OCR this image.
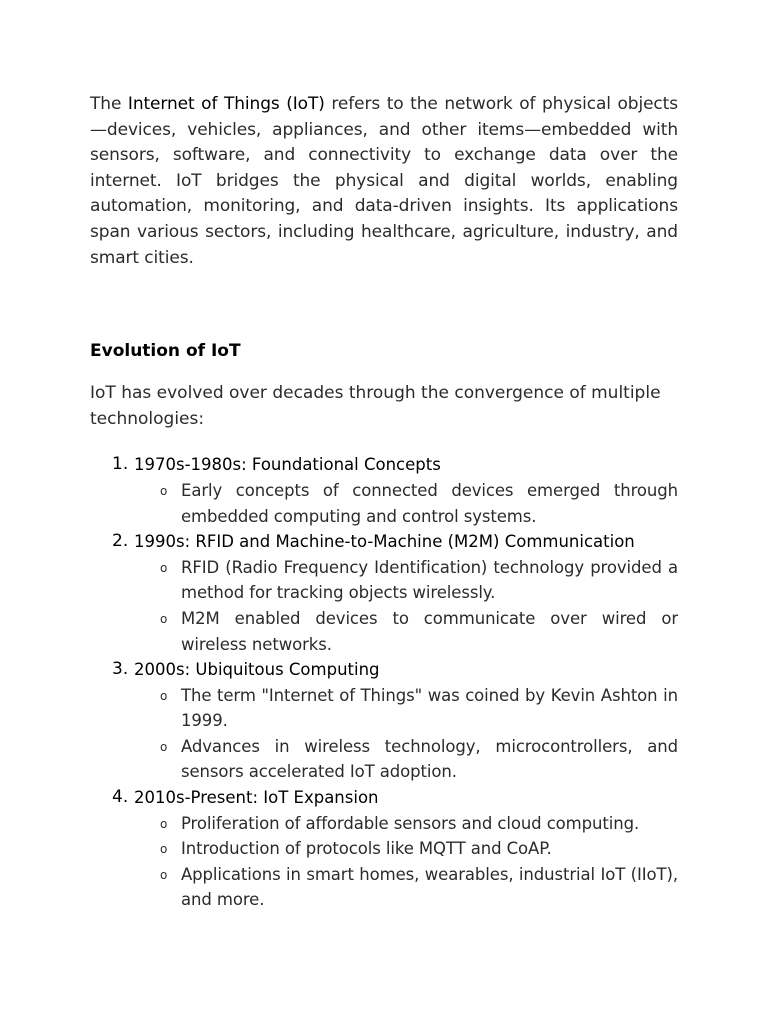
The Internet of Things (IoT) refers to the network of physical objects—devices, vehicles, appliances, and other items—embedded with sensors, software, and connectivity to exchange data over the internet. IoT bridges the physical and digital worlds, enabling automation, monitoring, and data-driven insights. Its applications span various sectors, including healthcare, agriculture, industry, and smart cities.

Evolution of IoT

IoT has evolved over decades through the convergence of multiple technologies:

1. 1970s-1980s: Foundational Concepts
o Early concepts of connected devices emerged through embedded computing and control systems.
2. 1990s: RFID and Machine-to-Machine (M2M) Communication
o RFID (Radio Frequency Identification) technology provided a method for tracking objects wirelessly.
o M2M enabled devices to communicate over wired or wireless networks.
3. 2000s: Ubiquitous Computing
o The term "Internet of Things" was coined by Kevin Ashton in 1999.
o Advances in wireless technology, microcontrollers, and sensors accelerated IoT adoption.
4. 2010s-Present: IoT Expansion
o Proliferation of affordable sensors and cloud computing.
o Introduction of protocols like MQTT and CoAP.
o Applications in smart homes, wearables, industrial IoT (IIoT), and more.
